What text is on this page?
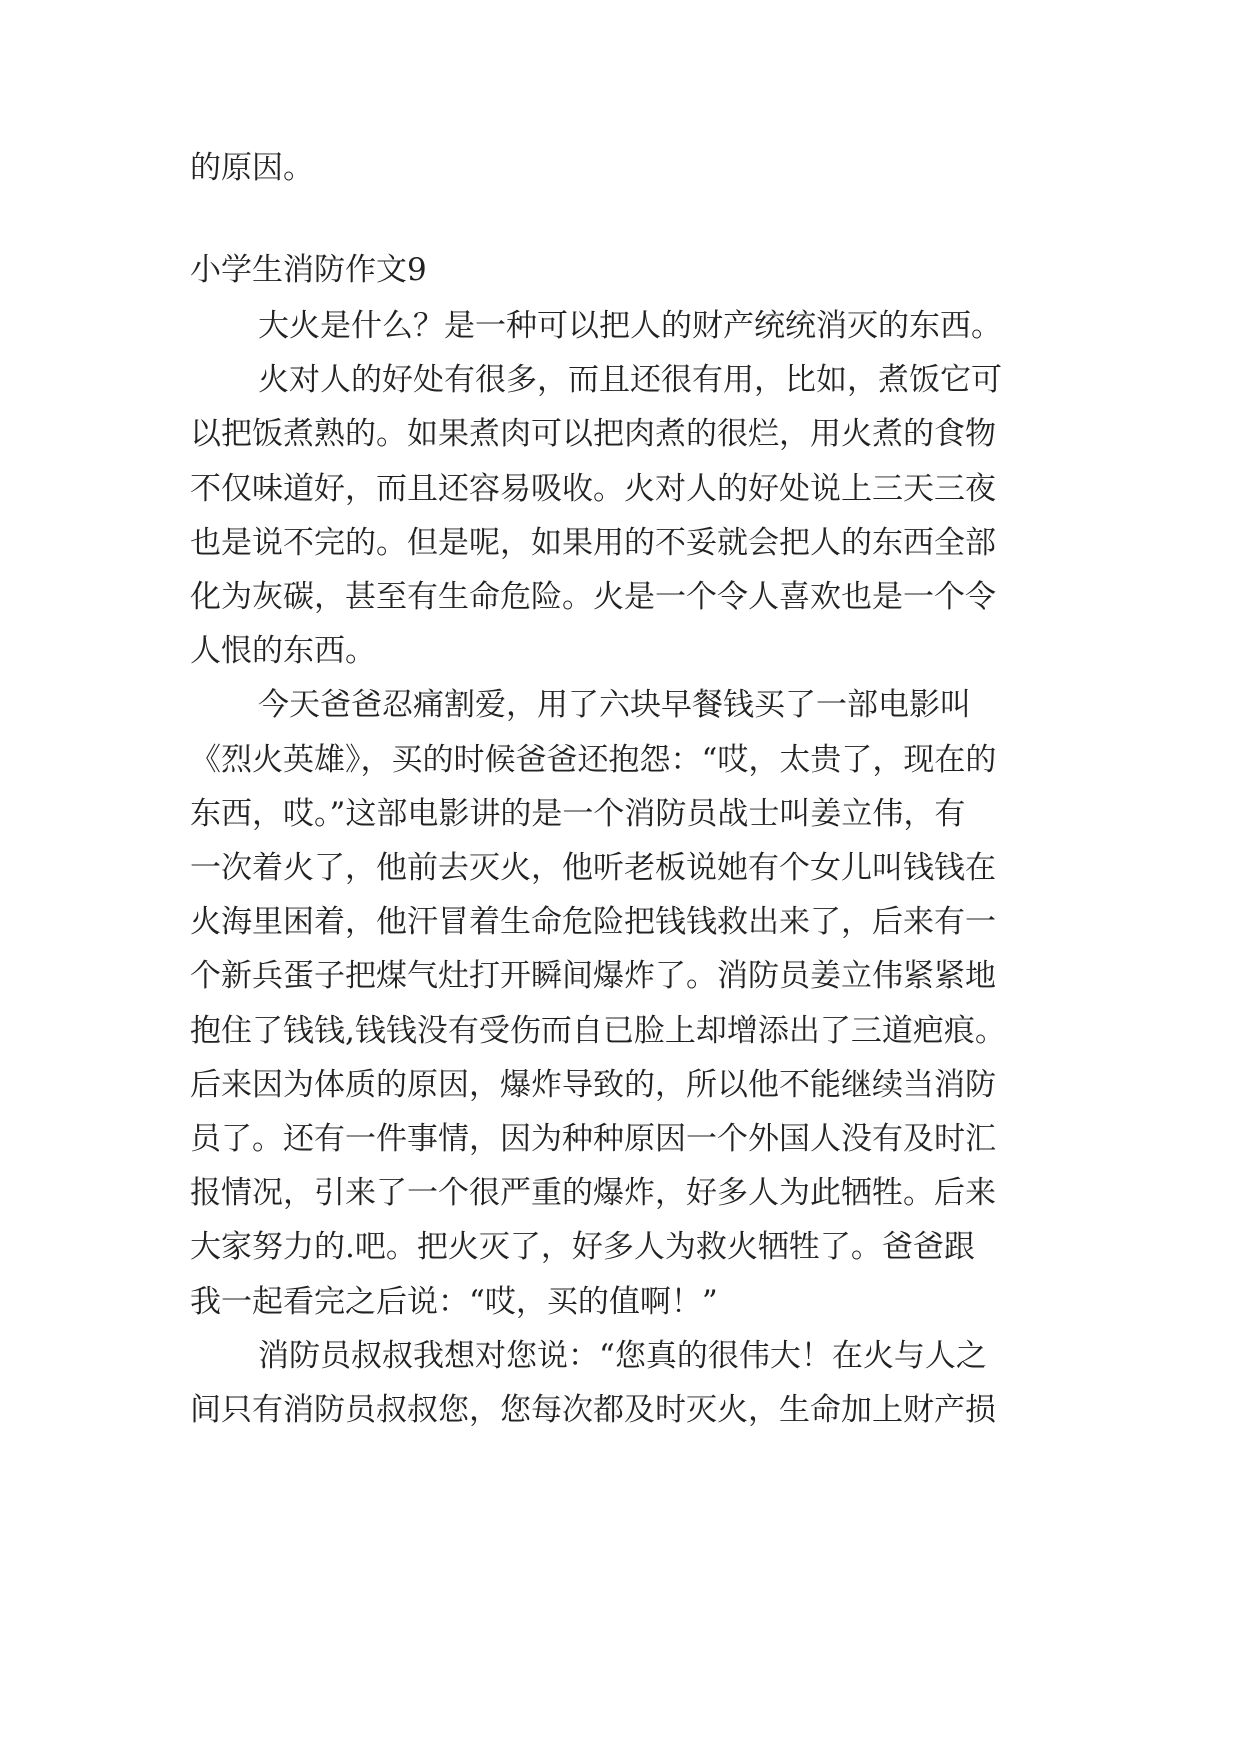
的原因。

小学生消防作文9

大火是什么？是一种可以把人的财产统统消灭的东西。

火对人的好处有很多，而且还很有用，比如，煮饭它可

以把饭煮熟的。如果煮肉可以把肉煮的很烂，用火煮的食物

不仅味道好，而且还容易吸收。火对人的好处说上三天三夜

也是说不完的。但是呢，如果用的不妥就会把人的东西全部

化为灰碳，甚至有生命危险。火是一个令人喜欢也是一个令

人恨的东西。

今天爸爸忍痛割爱，用了六块早餐钱买了一部电影叫

《烈火英雄》，买的时候爸爸还抱怨：“哎，太贵了，现在的

东西，哎。”这部电影讲的是一个消防员战士叫姜立伟，有

一次着火了，他前去灭火，他听老板说她有个女儿叫钱钱在

火海里困着，他汗冒着生命危险把钱钱救出来了，后来有一

个新兵蛋子把煤气灶打开瞬间爆炸了。消防员姜立伟紧紧地

抱住了钱钱,钱钱没有受伤而自已脸上却增添出了三道疤痕。

后来因为体质的原因，爆炸导致的，所以他不能继续当消防

员了。还有一件事情，因为种种原因一个外国人没有及时汇

报情况，引来了一个很严重的爆炸，好多人为此牺牲。后来

大家努力的.吧。把火灭了，好多人为救火牺牲了。爸爸跟

我一起看完之后说：“哎，买的值啊！”

消防员叔叔我想对您说：“您真的很伟大！在火与人之

间只有消防员叔叔您，您每次都及时灭火，生命加上财产损
